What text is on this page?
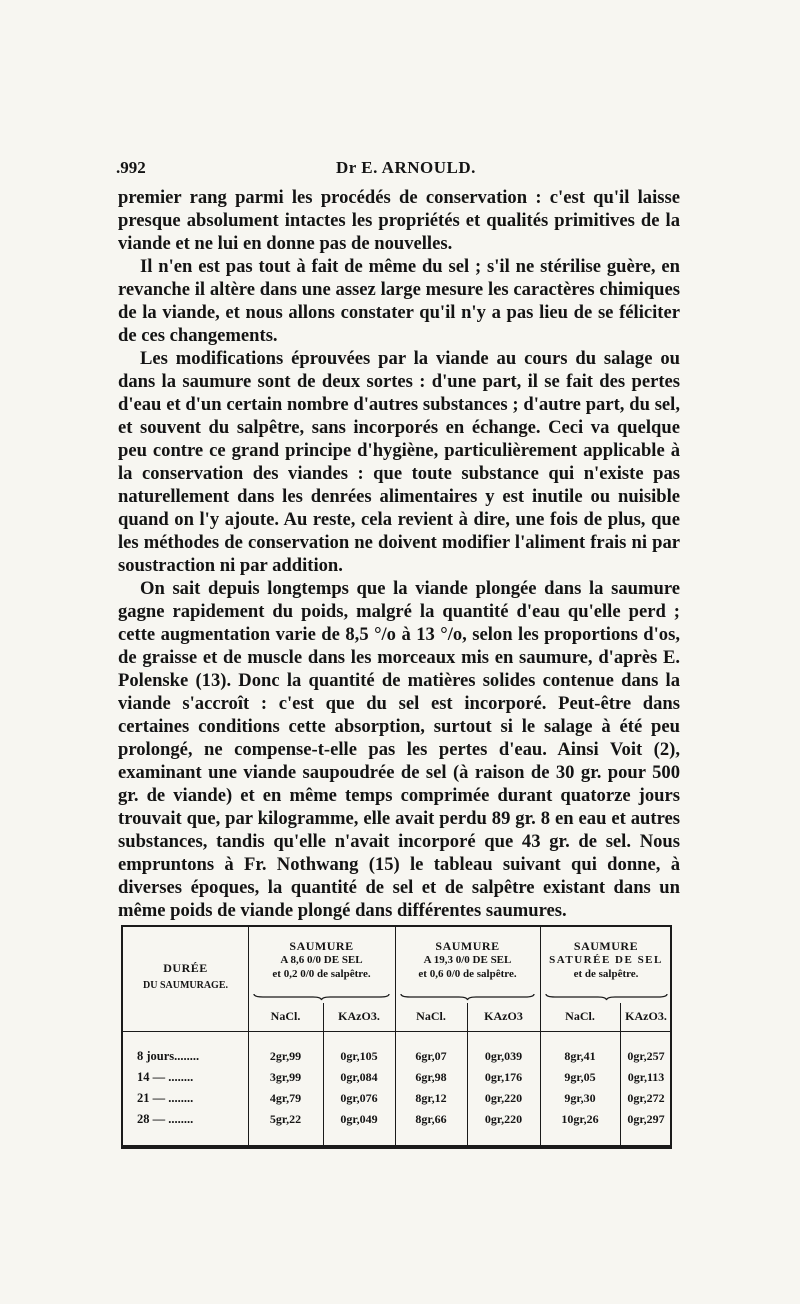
.992	Dr E. ARNOULD.

premier rang parmi les procédés de conservation : c'est qu'il laisse presque absolument intactes les propriétés et qualités primitives de la viande et ne lui en donne pas de nouvelles.

Il n'en est pas tout à fait de même du sel ; s'il ne stérilise guère, en revanche il altère dans une assez large mesure les caractères chimiques de la viande, et nous allons constater qu'il n'y a pas lieu de se féliciter de ces changements.

Les modifications éprouvées par la viande au cours du salage ou dans la saumure sont de deux sortes : d'une part, il se fait des pertes d'eau et d'un certain nombre d'autres substances ; d'autre part, du sel, et souvent du salpêtre, sans incorporés en échange. Ceci va quelque peu contre ce grand principe d'hygiène, particulièrement applicable à la conservation des viandes : que toute substance qui n'existe pas naturellement dans les denrées alimentaires y est inutile ou nuisible quand on l'y ajoute. Au reste, cela revient à dire, une fois de plus, que les méthodes de conservation ne doivent modifier l'aliment frais ni par soustraction ni par addition.

On sait depuis longtemps que la viande plongée dans la saumure gagne rapidement du poids, malgré la quantité d'eau qu'elle perd ; cette augmentation varie de 8,5 °/o à 13 °/o, selon les proportions d'os, de graisse et de muscle dans les morceaux mis en saumure, d'après E. Polenske (13). Donc la quantité de matières solides contenue dans la viande s'accroît : c'est que du sel est incorporé. Peut-être dans certaines conditions cette absorption, surtout si le salage à été peu prolongé, ne compense-t-elle pas les pertes d'eau. Ainsi Voit (2), examinant une viande saupoudrée de sel (à raison de 30 gr. pour 500 gr. de viande) et en même temps comprimée durant quatorze jours trouvait que, par kilogramme, elle avait perdu 89 gr. 8 en eau et autres substances, tandis qu'elle n'avait incorporé que 43 gr. de sel. Nous empruntons à Fr. Nothwang (15) le tableau suivant qui donne, à diverses époques, la quantité de sel et de salpêtre existant dans un même poids de viande plongé dans différentes saumures.

DURÉE
DU SAUMURAGE.
SAUMURE
A 8,6 0/0 DE SEL
et 0,2 0/0 de salpêtre.
SAUMURE
A 19,3 0/0 DE SEL
et 0,6 0/0 de salpêtre.
SAUMURE
SATURÉE DE SEL
et de salpêtre.
NaCl.	KAzO3.	NaCl.	KAzO3	NaCl.	KAzO3.
8 jours........	2gr,99	0gr,105	6gr,07	0gr,039	8gr,41	0gr,257
14 — ........	3gr,99	0gr,084	6gr,98	0gr,176	9gr,05	0gr,113
21 — ........	4gr,79	0gr,076	8gr,12	0gr,220	9gr,30	0gr,272
28 — ........	5gr,22	0gr,049	8gr,66	0gr,220	10gr,26	0gr,297
